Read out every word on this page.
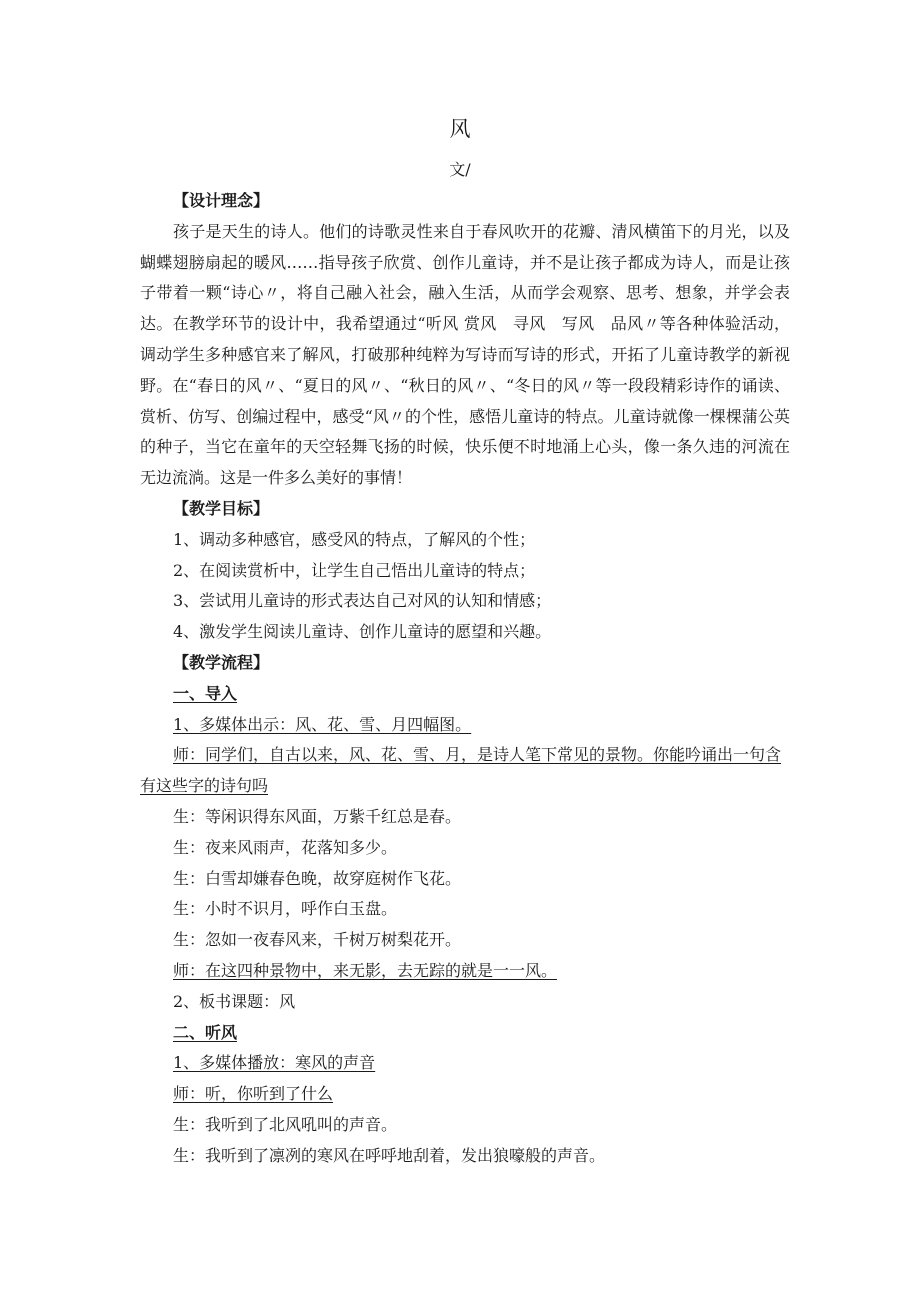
风
文/
【设计理念】

孩子是天生的诗人。他们的诗歌灵性来自于春风吹开的花瓣、清风横笛下的月光，以及蝴蝶翅膀扇起的暖风……指导孩子欣赏、创作儿童诗，并不是让孩子都成为诗人，而是让孩子带着一颗“诗心〃，将自己融入社会，融入生活，从而学会观察、思考、想象，并学会表达。在教学环节的设计中，我希望通过“听风 赏风　寻风　写风　品风〃等各种体验活动，调动学生多种感官来了解风，打破那种纯粹为写诗而写诗的形式，开拓了儿童诗教学的新视野。在“春日的风〃、“夏日的风〃、“秋日的风〃、“冬日的风〃等一段段精彩诗作的诵读、赏析、仿写、创编过程中，感受“风〃的个性，感悟儿童诗的特点。儿童诗就像一棵棵蒲公英的种子，当它在童年的天空轻舞飞扬的时候，快乐便不时地涌上心头，像一条久违的河流在无边流淌。这是一件多么美好的事情！

【教学目标】
1、调动多种感官，感受风的特点，了解风的个性；
2、在阅读赏析中，让学生自己悟出儿童诗的特点；
3、尝试用儿童诗的形式表达自己对风的认知和情感；
4、激发学生阅读儿童诗、创作儿童诗的愿望和兴趣。
【教学流程】
一、导入
1、多媒体出示：风、花、雪、月四幅图。

师：同学们，自古以来，风、花、雪、月，是诗人笔下常见的景物。你能吟诵出一句含有这些字的诗句吗

生：等闲识得东风面，万紫千红总是春。
生：夜来风雨声，花落知多少。
生：白雪却嫌春色晚，故穿庭树作飞花。
生：小时不识月，呼作白玉盘。
生：忽如一夜春风来，千树万树梨花开。
师：在这四种景物中，来无影，去无踪的就是一一风。
2、板书课题：风
二、听风
1、多媒体播放：寒风的声音
师：听，你听到了什么
生：我听到了北风吼叫的声音。
生：我听到了凛冽的寒风在呼呼地刮着，发出狼嚎般的声音。
